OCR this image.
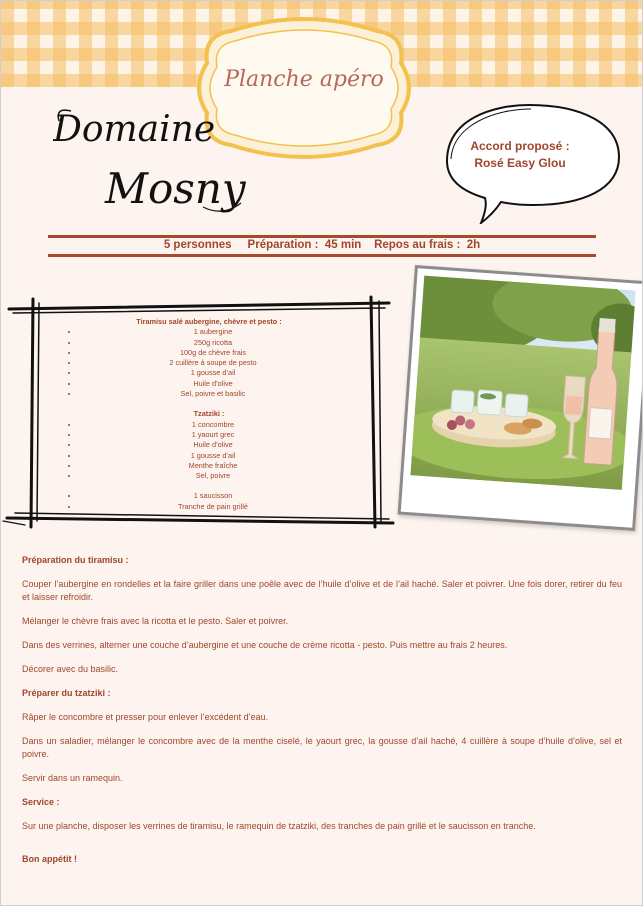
Planche apéro
Domaine
Mosny
Accord proposé :
Rosé Easy Glou
5 personnes     Préparation :  45 min    Repos au frais :  2h
Tiramisu salé aubergine, chèvre et pesto :
• 1 aubergine
• 250g ricotta
• 100g de chèvre frais
• 2 cuillère à soupe de pesto
• 1 gousse d’ail
• Huile d’olive
• Sel, poivre et basilic
Tzatziki :
• 1 concombre
• 1 yaourt grec
• Huile d’olive
• 1 gousse d’ail
• Menthe fraîche
• Sel, poivre
• 1 saucisson
• Tranche de pain grillé

Préparation du tiramisu :

Couper l’aubergine en rondelles et la faire griller dans une poêle avec de l’huile d’olive et de l’ail haché. Saler et poivrer. Une fois dorer, retirer du feu et laisser refroidir.

Mélanger le chèvre frais avec la ricotta et le pesto. Saler et poivrer.

Dans des verrines, alterner une couche d’aubergine et une couche de crème ricotta - pesto. Puis mettre au frais 2 heures.

Décorer avec du basilic.

Préparer du tzatziki :

Râper le concombre et presser pour enlever l’excédent d’eau.

Dans un saladier, mélanger le concombre avec de la menthe ciselé, le yaourt grec, la gousse d’ail haché, 4 cuillère à soupe d’huile d’olive, sel et poivre.

Servir dans un ramequin.

Service :

Sur une planche, disposer les verrines de tiramisu, le ramequin de tzatziki, des tranches de pain grillé et le saucisson en tranche.

Bon appétit !
